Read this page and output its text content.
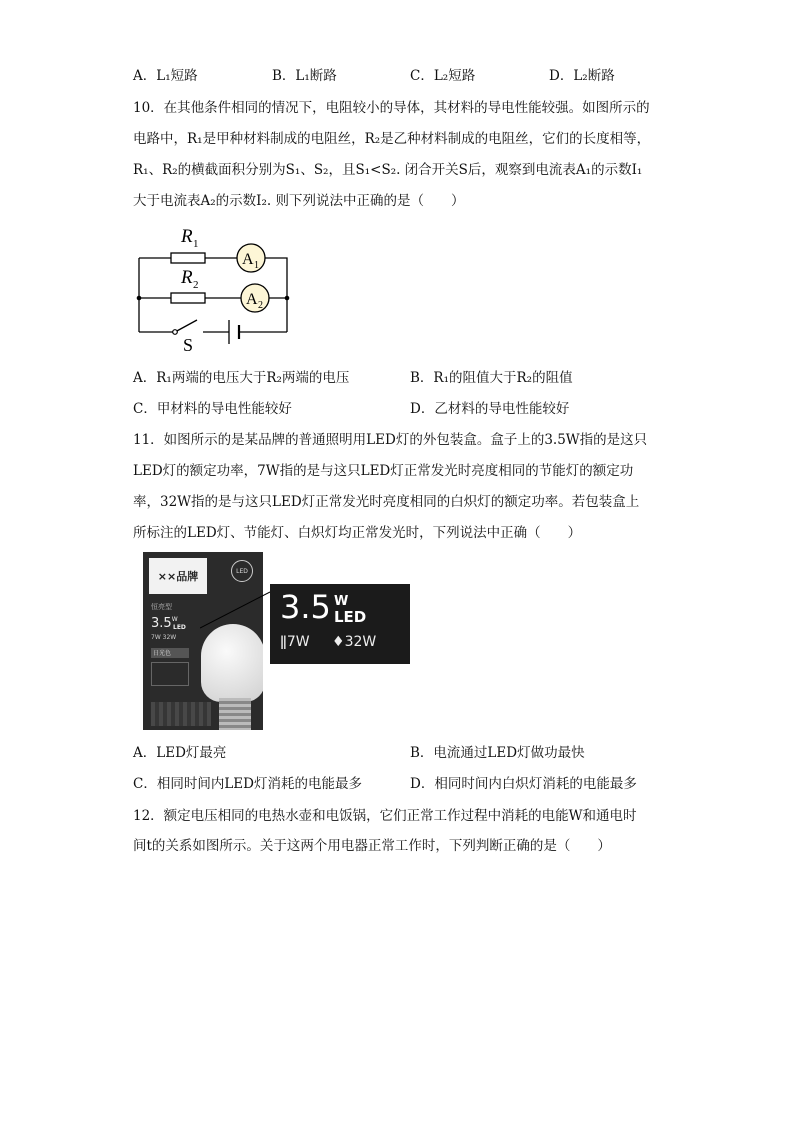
A．L₁短路	B．L₁断路	C．L₂短路	D．L₂断路
10．在其他条件相同的情况下，电阻较小的导体，其材料的导电性能较强。如图所示的
电路中，R₁是甲种材料制成的电阻丝，R₂是乙种材料制成的电阻丝，它们的长度相等，
R₁、R₂的横截面积分别为S₁、S₂，且S₁<S₂. 闭合开关S后，观察到电流表A₁的示数I₁
大于电流表A₂的示数I₂. 则下列说法中正确的是（　　）
R 1
R 2
A 1
A 2
S
A．R₁两端的电压大于R₂两端的电压	B．R₁的阻值大于R₂的阻值
C．甲材料的导电性能较好	D．乙材料的导电性能较好
11．如图所示的是某品牌的普通照明用LED灯的外包装盒。盒子上的3.5W指的是这只
LED灯的额定功率，7W指的是与这只LED灯正常发光时亮度相同的节能灯的额定功
率，32W指的是与这只LED灯正常发光时亮度相同的白炽灯的额定功率。若包装盒上
所标注的LED灯、节能灯、白炽灯均正常发光时，下列说法中正确（　　）
××品牌	LED
恒亮型
$3.5^W$
LED
7W 32W
日光色
3.5 W
LED
ǁ7W ♦32W
A．LED灯最亮	B．电流通过LED灯做功最快
C．相同时间内LED灯消耗的电能最多	D．相同时间内白炽灯消耗的电能最多
12．额定电压相同的电热水壶和电饭锅，它们正常工作过程中消耗的电能W和通电时
间t的关系如图所示。关于这两个用电器正常工作时，下列判断正确的是（　　）
